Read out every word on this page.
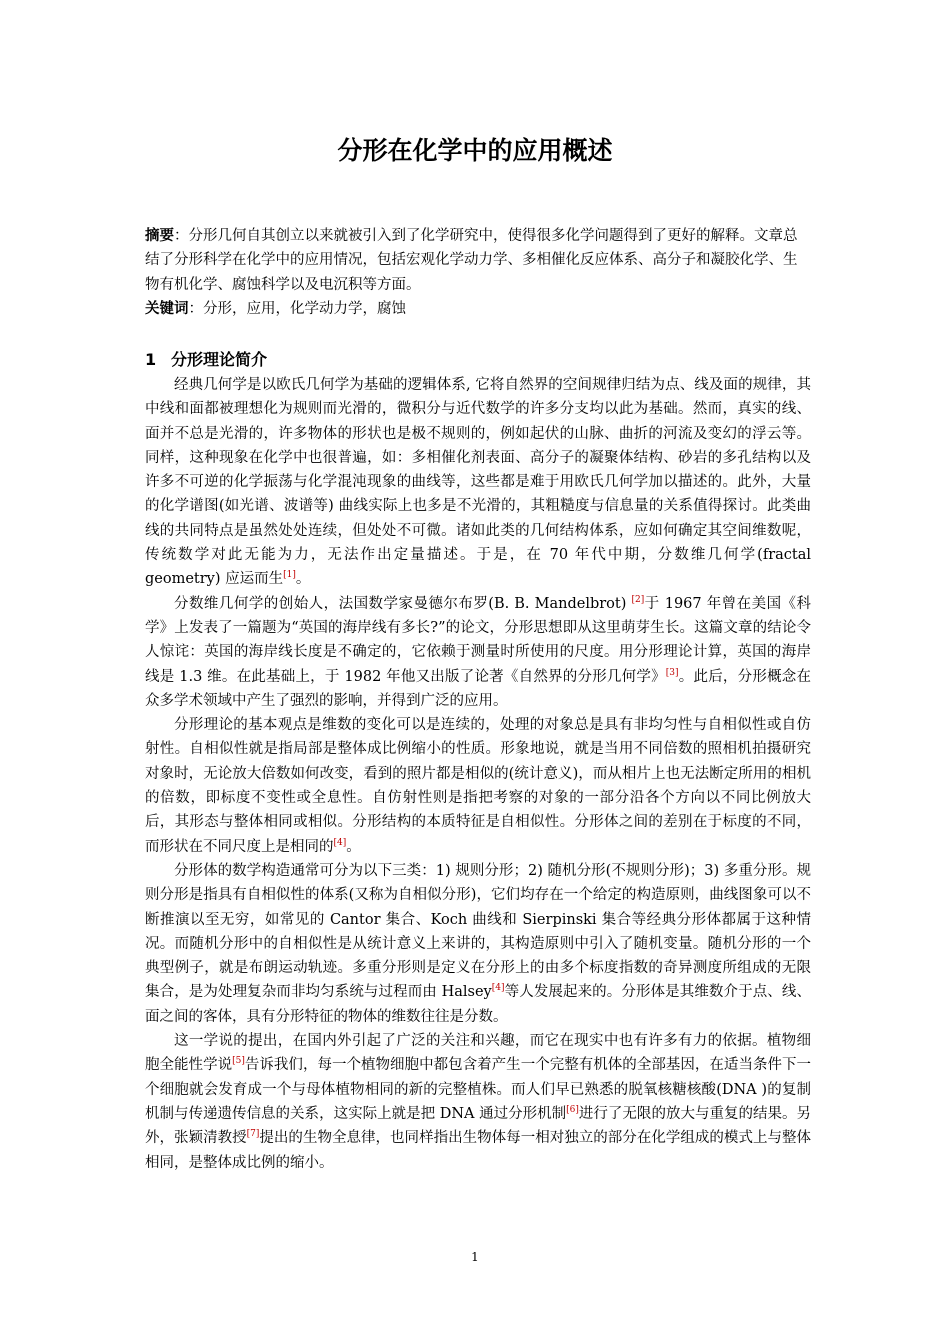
分形在化学中的应用概述

摘要：分形几何自其创立以来就被引入到了化学研究中，使得很多化学问题得到了更好的解释。文章总结了分形科学在化学中的应用情况，包括宏观化学动力学、多相催化反应体系、高分子和凝胶化学、生物有机化学、腐蚀科学以及电沉积等方面。

关键词：分形，应用，化学动力学，腐蚀

1 分形理论简介

经典几何学是以欧氏几何学为基础的逻辑体系, 它将自然界的空间规律归结为点、线及面的规律，其中线和面都被理想化为规则而光滑的，微积分与近代数学的许多分支均以此为基础。然而，真实的线、面并不总是光滑的，许多物体的形状也是极不规则的，例如起伏的山脉、曲折的河流及变幻的浮云等。同样，这种现象在化学中也很普遍，如：多相催化剂表面、高分子的凝聚体结构、砂岩的多孔结构以及许多不可逆的化学振荡与化学混沌现象的曲线等，这些都是难于用欧氏几何学加以描述的。此外，大量的化学谱图(如光谱、波谱等) 曲线实际上也多是不光滑的，其粗糙度与信息量的关系值得探讨。此类曲线的共同特点是虽然处处连续，但处处不可微。诸如此类的几何结构体系，应如何确定其空间维数呢，传统数学对此无能为力，无法作出定量描述。于是，在 70 年代中期，分数维几何学(fractal geometry) 应运而生[1]。

分数维几何学的创始人，法国数学家曼德尔布罗(B. B. Mandelbrot) [2]于 1967 年曾在美国《科学》上发表了一篇题为“英国的海岸线有多长?”的论文，分形思想即从这里萌芽生长。这篇文章的结论令人惊诧：英国的海岸线长度是不确定的，它依赖于测量时所使用的尺度。用分形理论计算，英国的海岸线是 1.3 维。在此基础上，于 1982 年他又出版了论著《自然界的分形几何学》[3]。此后，分形概念在众多学术领域中产生了强烈的影响，并得到广泛的应用。

分形理论的基本观点是维数的变化可以是连续的，处理的对象总是具有非均匀性与自相似性或自仿射性。自相似性就是指局部是整体成比例缩小的性质。形象地说，就是当用不同倍数的照相机拍摄研究对象时，无论放大倍数如何改变，看到的照片都是相似的(统计意义)，而从相片上也无法断定所用的相机的倍数，即标度不变性或全息性。自仿射性则是指把考察的对象的一部分沿各个方向以不同比例放大后，其形态与整体相同或相似。分形结构的本质特征是自相似性。分形体之间的差别在于标度的不同，而形状在不同尺度上是相同的[4]。

分形体的数学构造通常可分为以下三类：1) 规则分形；2) 随机分形(不规则分形)；3) 多重分形。规则分形是指具有自相似性的体系(又称为自相似分形)，它们均存在一个给定的构造原则，曲线图象可以不断推演以至无穷，如常见的 Cantor 集合、Koch 曲线和 Sierpinski 集合等经典分形体都属于这种情况。而随机分形中的自相似性是从统计意义上来讲的，其构造原则中引入了随机变量。随机分形的一个典型例子，就是布朗运动轨迹。多重分形则是定义在分形上的由多个标度指数的奇异测度所组成的无限集合，是为处理复杂而非均匀系统与过程而由 Halsey[4]等人发展起来的。分形体是其维数介于点、线、面之间的客体，具有分形特征的物体的维数往往是分数。

这一学说的提出，在国内外引起了广泛的关注和兴趣，而它在现实中也有许多有力的依据。植物细胞全能性学说[5]告诉我们，每一个植物细胞中都包含着产生一个完整有机体的全部基因，在适当条件下一个细胞就会发育成一个与母体植物相同的新的完整植株。而人们早已熟悉的脱氧核糖核酸(DNA )的复制机制与传递遗传信息的关系，这实际上就是把 DNA 通过分形机制[6]进行了无限的放大与重复的结果。另外，张颖清教授[7]提出的生物全息律，也同样指出生物体每一相对独立的部分在化学组成的模式上与整体相同，是整体成比例的缩小。

1
